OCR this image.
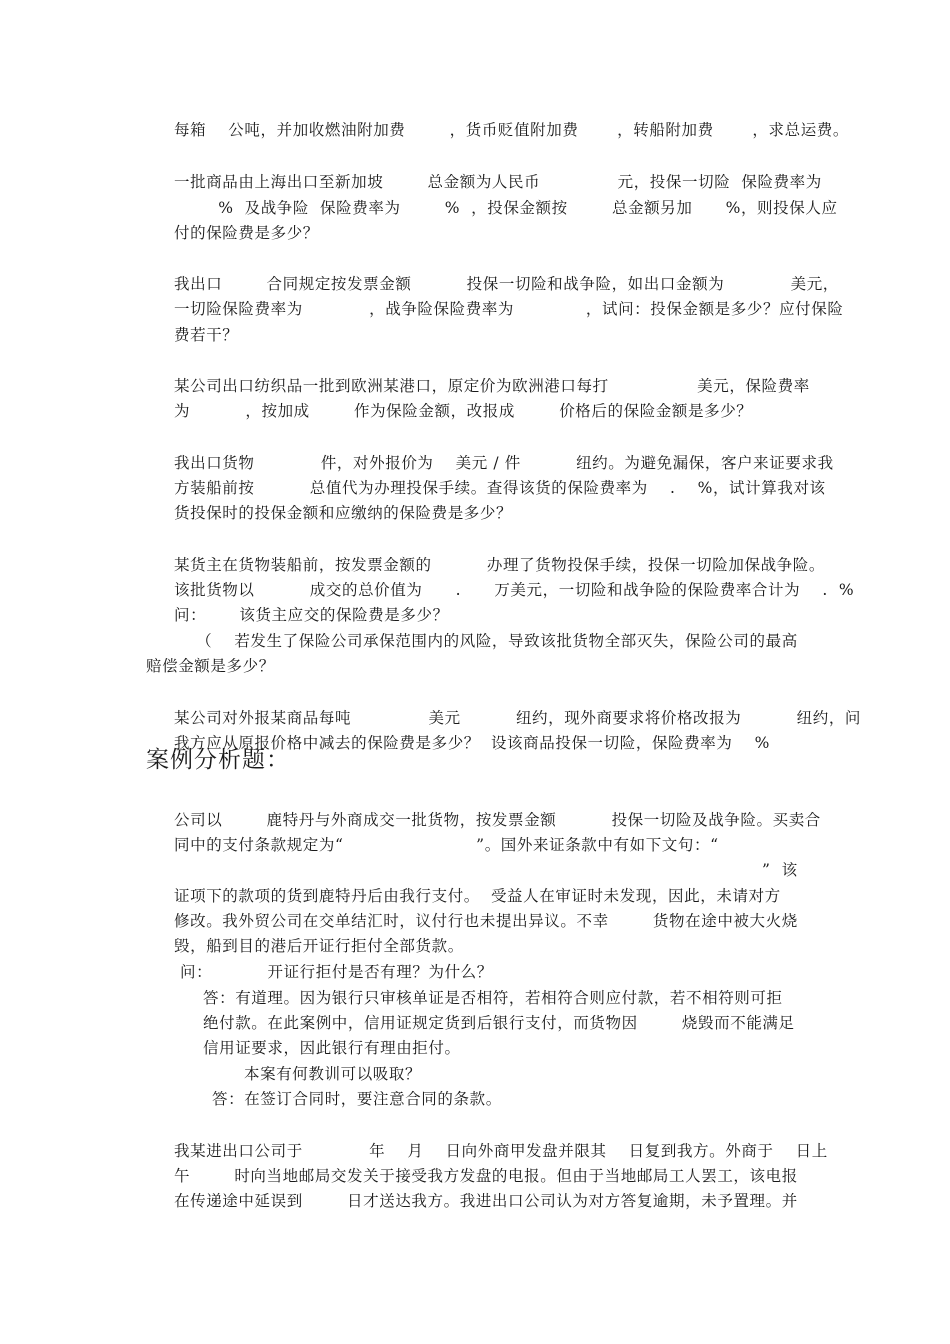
每箱    公吨，并加收燃油附加费        ，货币贬值附加费       ，转船附加费       ，求总运费。
一批商品由上海出口至新加坡        总金额为人民币              元，投保一切险  保险费率为
%  及战争险  保险费率为        %  ，投保金额按        总金额另加      %，则投保人应
付的保险费是多少？
我出口        合同规定按发票金额          投保一切险和战争险，如出口金额为            美元，
一切险保险费率为            ，战争险保险费率为             ，试问：投保金额是多少？应付保险
费若干？
某公司出口纺织品一批到欧洲某港口，原定价为欧洲港口每打                美元，保险费率
为          ，按加成        作为保险金额，改报成        价格后的保险金额是多少？
我出口货物            件，对外报价为    美元 / 件          纽约。为避免漏保，客户来证要求我
方装船前按          总值代为办理投保手续。查得该货的保险费率为    .    %，试计算我对该
货投保时的投保金额和应缴纳的保险费是多少？
某货主在货物装船前，按发票金额的          办理了货物投保手续，投保一切险加保战争险。
该批货物以          成交的总价值为      .      万美元，一切险和战争险的保险费率合计为    .  %
问：      该货主应交的保险费是多少？
（    若发生了保险公司承保范围内的风险，导致该批货物全部灭失，保险公司的最高
赔偿金额是多少？
某公司对外报某商品每吨              美元          纽约，现外商要求将价格改报为          纽约，问
我方应从原报价格中减去的保险费是多少？  设该商品投保一切险，保险费率为    %
案例分析题：
公司以        鹿特丹与外商成交一批货物，按发票金额          投保一切险及战争险。买卖合
同中的支付条款规定为“                        ”。国外来证条款中有如下文句：“
”  该
证项下的款项的货到鹿特丹后由我行支付。  受益人在审证时未发现，因此，未请对方
修改。我外贸公司在交单结汇时，议付行也未提出异议。不幸        货物在途中被大火烧
毁，船到目的港后开证行拒付全部货款。
问：          开证行拒付是否有理？为什么？
答：有道理。因为银行只审核单证是否相符，若相符合则应付款，若不相符则可拒
绝付款。在此案例中，信用证规定货到后银行支付，而货物因        烧毁而不能满足
信用证要求，因此银行有理由拒付。
本案有何教训可以吸取？
答：在签订合同时，要注意合同的条款。
我某进出口公司于            年    月    日向外商甲发盘并限其    日复到我方。外商于    日上
午        时向当地邮局交发关于接受我方发盘的电报。但由于当地邮局工人罢工，该电报
在传递途中延误到        日才送达我方。我进出口公司认为对方答复逾期，未予置理。并
